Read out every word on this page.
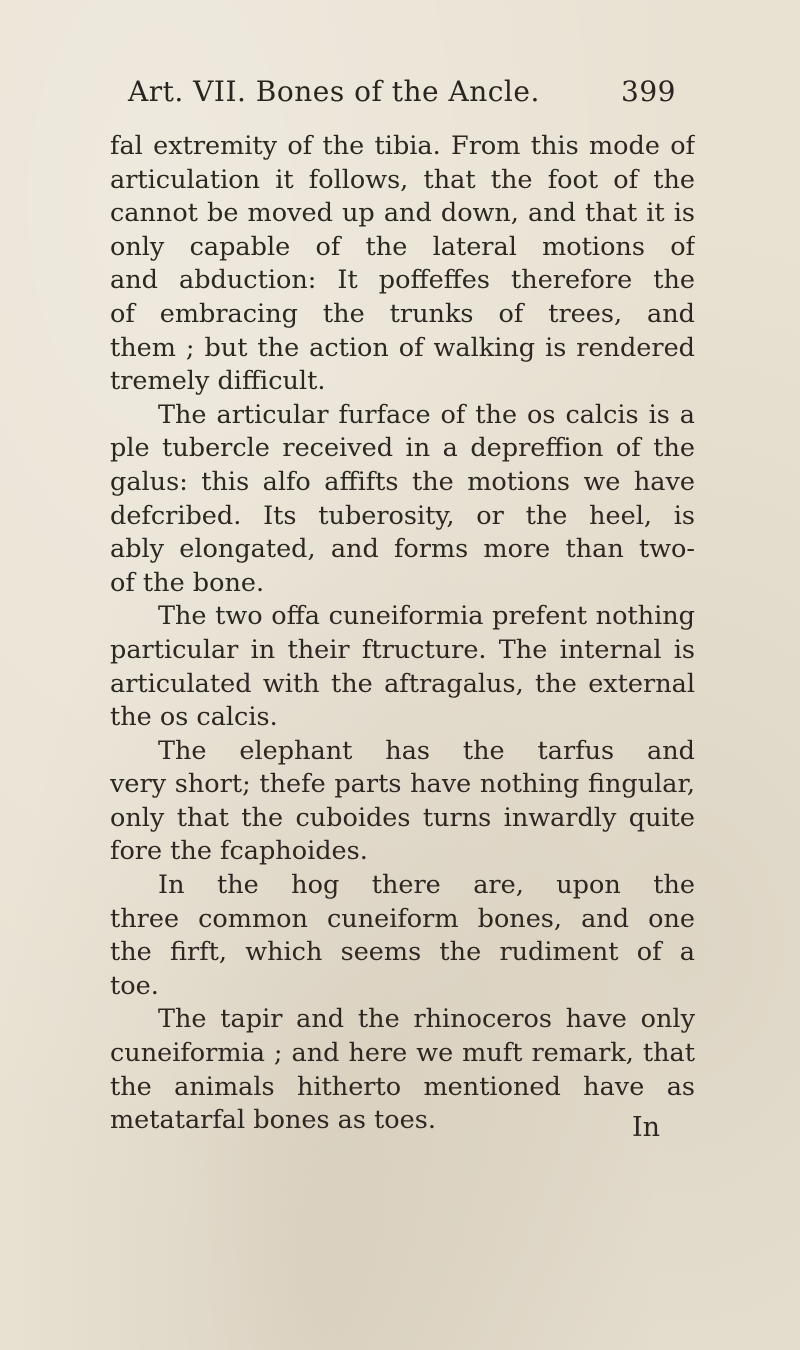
Art. VII. Bones of the Ancle.	399
fal extremity of the tibia. From this mode of
articulation it follows, that the foot of the
cannot be moved up and down, and that it is
only capable of the lateral motions of
and abduction: It poffeffes therefore the
of embracing the trunks of trees, and
them ; but the action of walking is rendered
tremely difficult.
The articular furface of the os calcis is a
ple tubercle received in a depreffion of the
galus: this alfo affifts the motions we have
defcribed. Its tuberosity, or the heel, is
ably elongated, and forms more than two-
of the bone.
The two offa cuneiformia prefent nothing
particular in their ftructure. The internal is
articulated with the aftragalus, the external
the os calcis.
The elephant has the tarfus and
very short; thefe parts have nothing fingular,
only that the cuboides turns inwardly quite
fore the fcaphoides.
In the hog there are, upon the
three common cuneiform bones, and one
the firft, which seems the rudiment of a
toe.
The tapir and the rhinoceros have only
cuneiformia ; and here we muft remark, that
the animals hitherto mentioned have as
metatarfal bones as toes.	In
